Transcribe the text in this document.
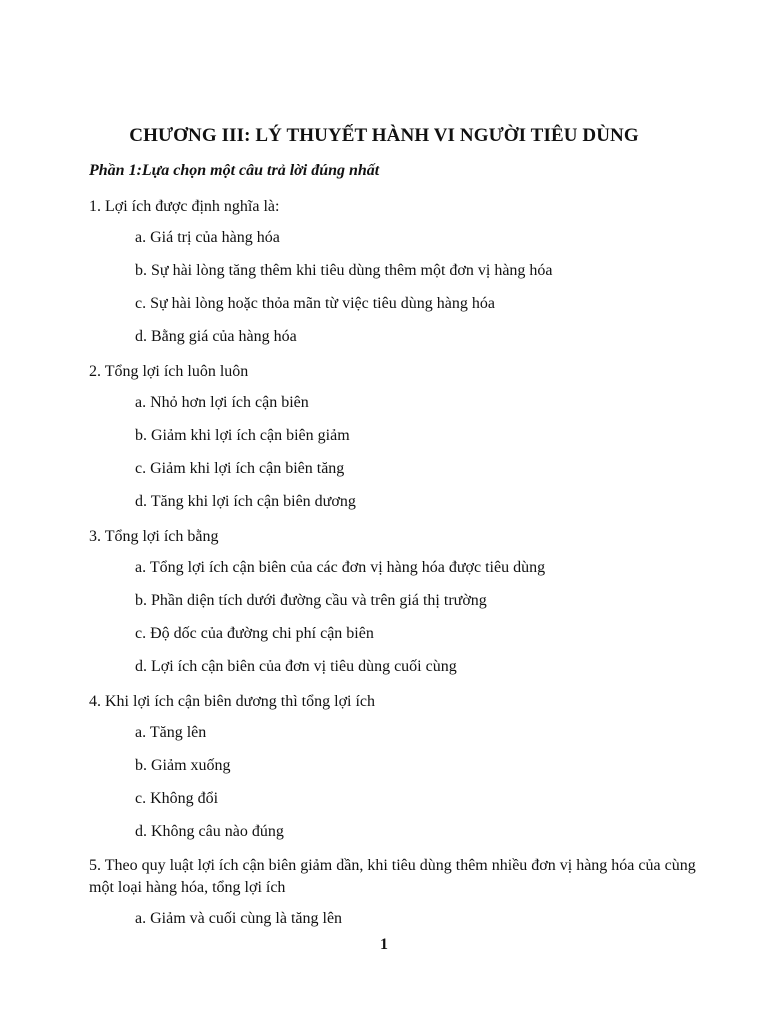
CHƯƠNG III: LÝ THUYẾT HÀNH VI NGƯỜI TIÊU DÙNG
Phần 1:Lựa chọn một câu trả lời đúng nhất
1. Lợi ích được định nghĩa là:
a. Giá trị của hàng hóa
b. Sự hài lòng tăng thêm khi tiêu dùng thêm một đơn vị hàng hóa
c. Sự hài lòng hoặc thỏa mãn từ việc tiêu dùng hàng hóa
d. Bằng giá của hàng hóa
2. Tổng lợi ích luôn luôn
a. Nhỏ hơn lợi ích cận biên
b. Giảm khi lợi ích cận biên giảm
c. Giảm khi lợi ích cận biên tăng
d. Tăng khi lợi ích cận biên dương
3. Tổng lợi ích bằng
a. Tổng lợi ích cận biên của các đơn vị hàng hóa được tiêu dùng
b. Phần diện tích dưới đường cầu và trên giá thị trường
c. Độ dốc của đường chi phí cận biên
d. Lợi ích cận biên của đơn vị tiêu dùng cuối cùng
4. Khi lợi ích cận biên dương thì tổng lợi ích
a. Tăng lên
b. Giảm xuống
c. Không đổi
d. Không câu nào đúng
5. Theo quy luật lợi ích cận biên giảm dần, khi tiêu dùng thêm nhiều đơn vị hàng hóa của cùng một loại hàng hóa, tổng lợi ích
a. Giảm và cuối cùng là tăng lên
1
